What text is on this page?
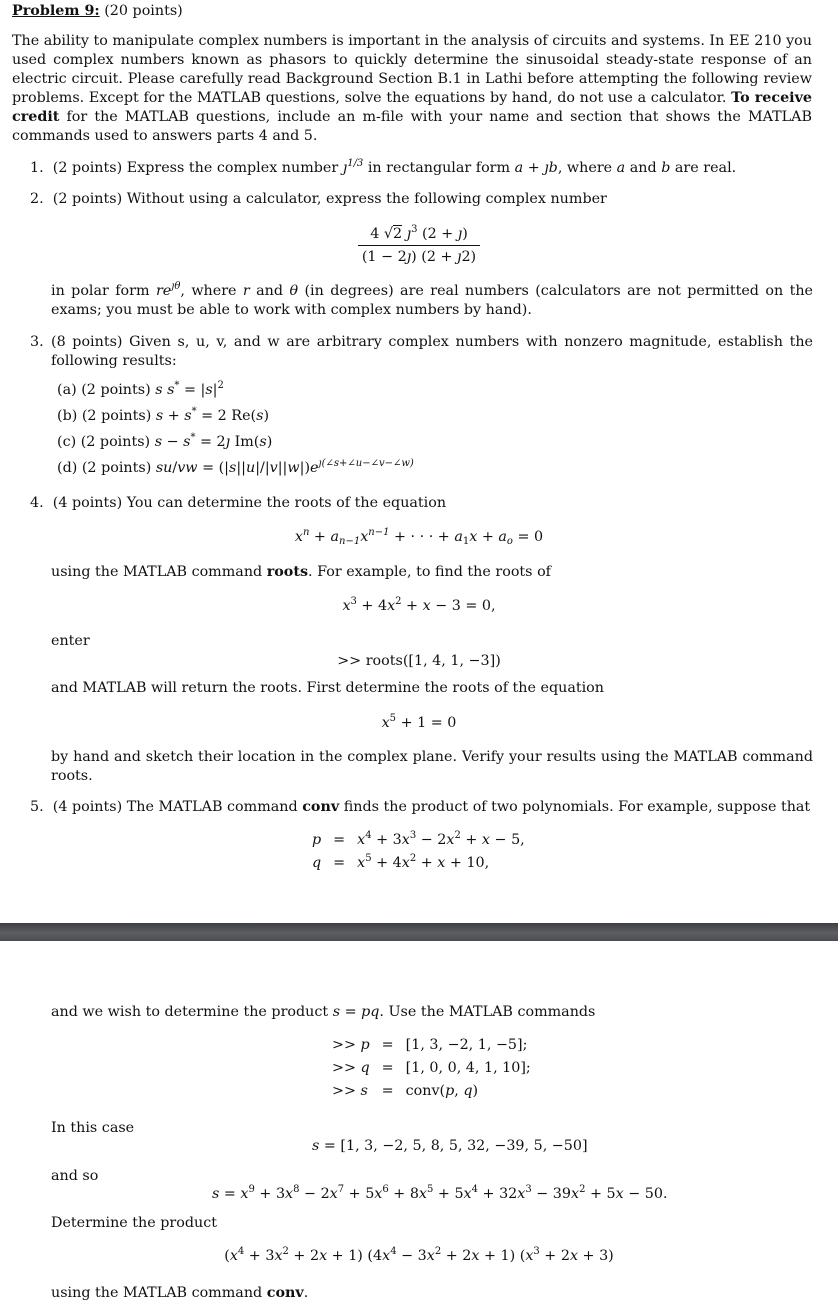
Problem 9: (20 points)
The ability to manipulate complex numbers is important in the analysis of circuits and systems. In EE 210 you used complex numbers known as phasors to quickly determine the sinusoidal steady-state response of an electric circuit. Please carefully read Background Section B.1 in Lathi before attempting the following review problems. Except for the MATLAB questions, solve the equations by hand, do not use a calculator. To receive credit for the MATLAB questions, include an m-file with your name and section that shows the MATLAB commands used to answers parts 4 and 5.
1. (2 points) Express the complex number $ȷ^{1/3}$ in rectangular form a + ȷb, where a and b are real.
2. (2 points) Without using a calculator, express the following complex number
$\frac{4 √2 ȷ^3 (2 + ȷ)}{(1 - 2ȷ) (2 + ȷ2)}$
in polar form $re^{ȷ\theta}$, where r and θ (in degrees) are real numbers (calculators are not permitted on the exams; you must be able to work with complex numbers by hand).
3. (8 points) Given s, u, v, and w are arbitrary complex numbers with nonzero magnitude, establish the following results:
(a) (2 points) s $s^* = |s|^2$
(b) (2 points) s + s* = 2 Re(s)
(c) (2 points) s − s* = 2ȷ Im(s)
(d) (2 points) $su/vw = (|s||u|/|v||w|)e^{ȷ(\angle s+\angle u-\angle v-\angle w)}$
4. (4 points) You can determine the roots of the equation
$x^n + a_{n-1}x^{n-1}$ + · · · + $a_1x + a_o = 0$
using the MATLAB command roots. For example, to find the roots of
$x^3 + 4x^2 + x - 3 = 0$,
enter
>> roots([1, 4, 1, −3])
and MATLAB will return the roots. First determine the roots of the equation
$x^5 + 1 = 0$
by hand and sketch their location in the complex plane. Verify your results using the MATLAB command roots.
5. (4 points) The MATLAB command conv finds the product of two polynomials. For example, suppose that
p	=	$x^4 + 3x^3 - 2x^2 + x - 5$,
q	=	$x^5 + 4x^2 + x + 10$,
and we wish to determine the product s = pq. Use the MATLAB commands
>> p	=	[1, 3, −2, 1, −5];
>> q	=	[1, 0, 0, 4, 1, 10];
>> s	=	conv(p, q)
In this case
s = [1, 3, −2, 5, 8, 5, 32, −39, 5, −50]
and so
$s = x^9 + 3x^8 - 2x^7 + 5x^6 + 8x^5 + 5x^4 + 32x^3 - 39x^2 + 5x - 50$.
Determine the product
$(x^4 + 3x^2 + 2x + 1) (4x^4 - 3x^2 + 2x + 1) (x^3 + 2x + 3)$
using the MATLAB command conv.
